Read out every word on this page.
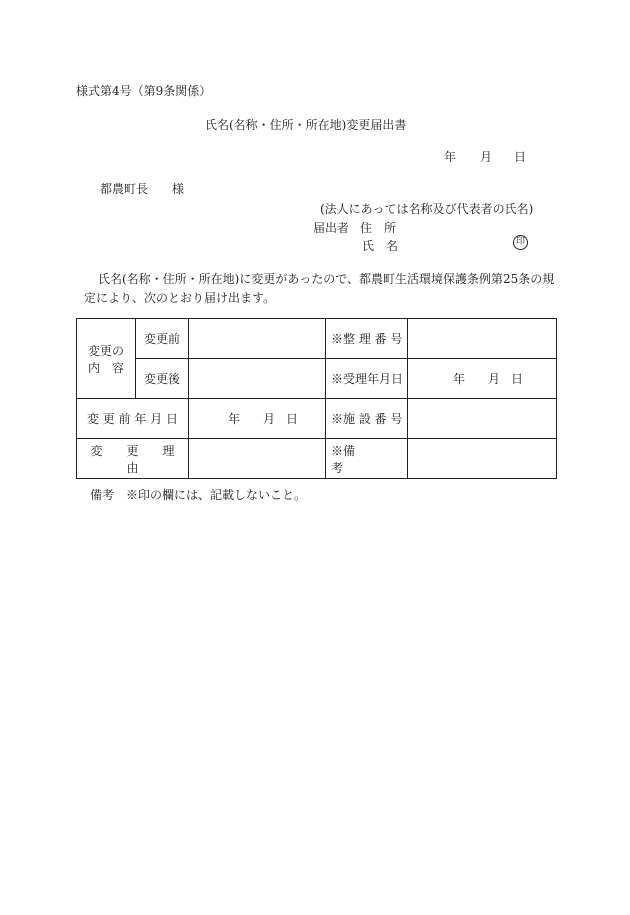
様式第4号（第9条関係）
氏名(名称・住所・所在地)変更届出書
年 月 日
都農町長　　様
(法人にあっては名称及び代表者の氏名)
届出者 住　所
氏　名	印
氏名(名称・住所・所在地)に変更があったので、都農町生活環境保護条例第25条の規定により、次のとおり届け出ます。
変更の
内　容	変更前		※整 理 番 号	
	変更後		※受理年月日	年 月 日
変 更 前 年 月 日		年 月 日	※施 設 番 号	
変　　更　　理　　由			※備　　　　考	
備考　※印の欄には、記載しないこと。
